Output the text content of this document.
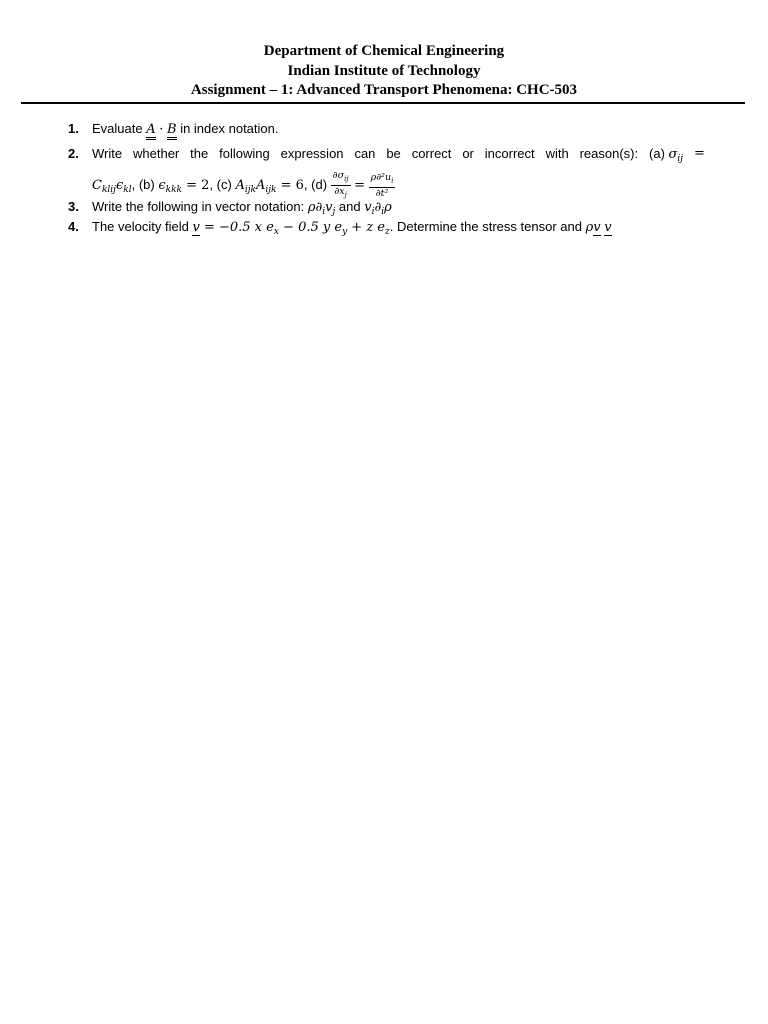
Department of Chemical Engineering
Indian Institute of Technology
Assignment – 1: Advanced Transport Phenomena: CHC-503
1. Evaluate A · B in index notation.
2. Write whether the following expression can be correct or incorrect with reason(s): (a) $\sigma_{ij}$ =
$C_{klij}\epsilon_{kl}$, (b) $\epsilon_{kkk} = 2$, (c) $A_{ijk}A_{ijk} = 6$, $(d) \frac{\partial\sigma_{ij}}{\partial x_j} = \frac{\rho\partial^2u_i}{\text{∂t²}}$
3. Write the following in vector notation: $\rho\partial_iv_j$ and $v_i\partial_i\rho$
4. The velocity field v = −0.5 x $e_x - 0.5$ y $e_y + z$ $e_z$. Determine the stress tensor and ρv v
